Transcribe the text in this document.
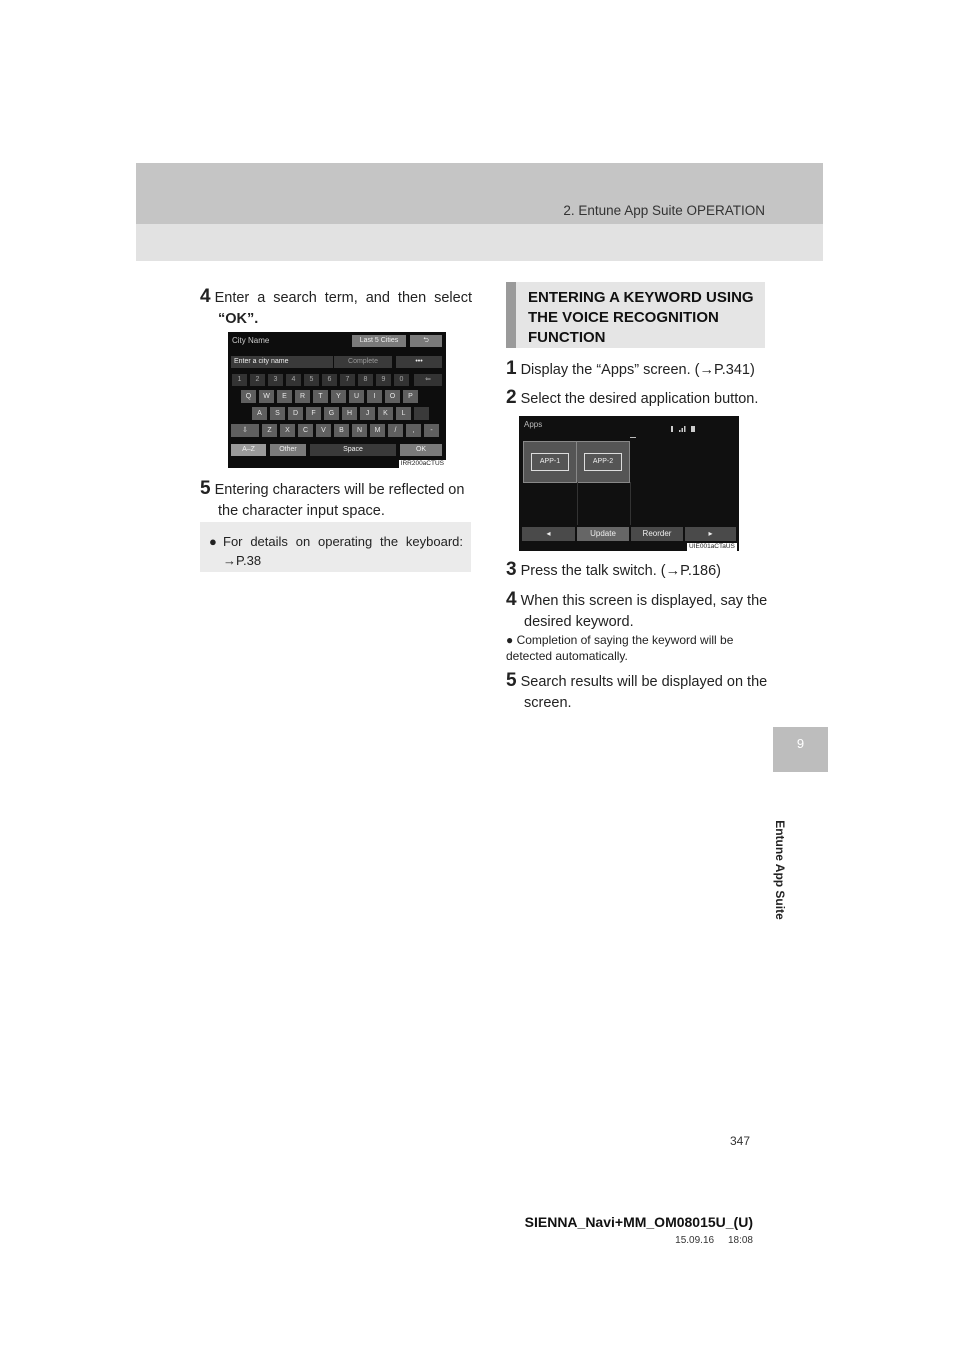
2. Entune App Suite OPERATION
9
Entune App Suite
4 Enter a search term, and then select
“OK”.
City Name	Last 5 Cities	⮌
Enter a city name	Complete	•••
1	2	3	4	5	6	7	8	9	0	⇐
Q	W	E	R	T	Y	U	I	O	P
A	S	D	F	G	H	J	K	L
⇩	Z	X	C	V	B	N	M	/	,	-
A–Z	Other	Space	OK
IRR200aCTUS
5 Entering characters will be reflected on
the character input space.
● For details on operating the keyboard:
→P.38
ENTERING A KEYWORD USING THE VOICE RECOGNITION FUNCTION
1 Display the “Apps” screen. (→P.341)
2 Select the desired application button.
Apps
APP-1	APP-2
◂	Update	Reorder	▸
UIE001aCTaUS
3 Press the talk switch. (→P.186)
4 When this screen is displayed, say the
desired keyword.
● Completion of saying the keyword will be
detected automatically.
5 Search results will be displayed on the
screen.
347
SIENNA_Navi+MM_OM08015U_(U)
15.09.16     18:08
